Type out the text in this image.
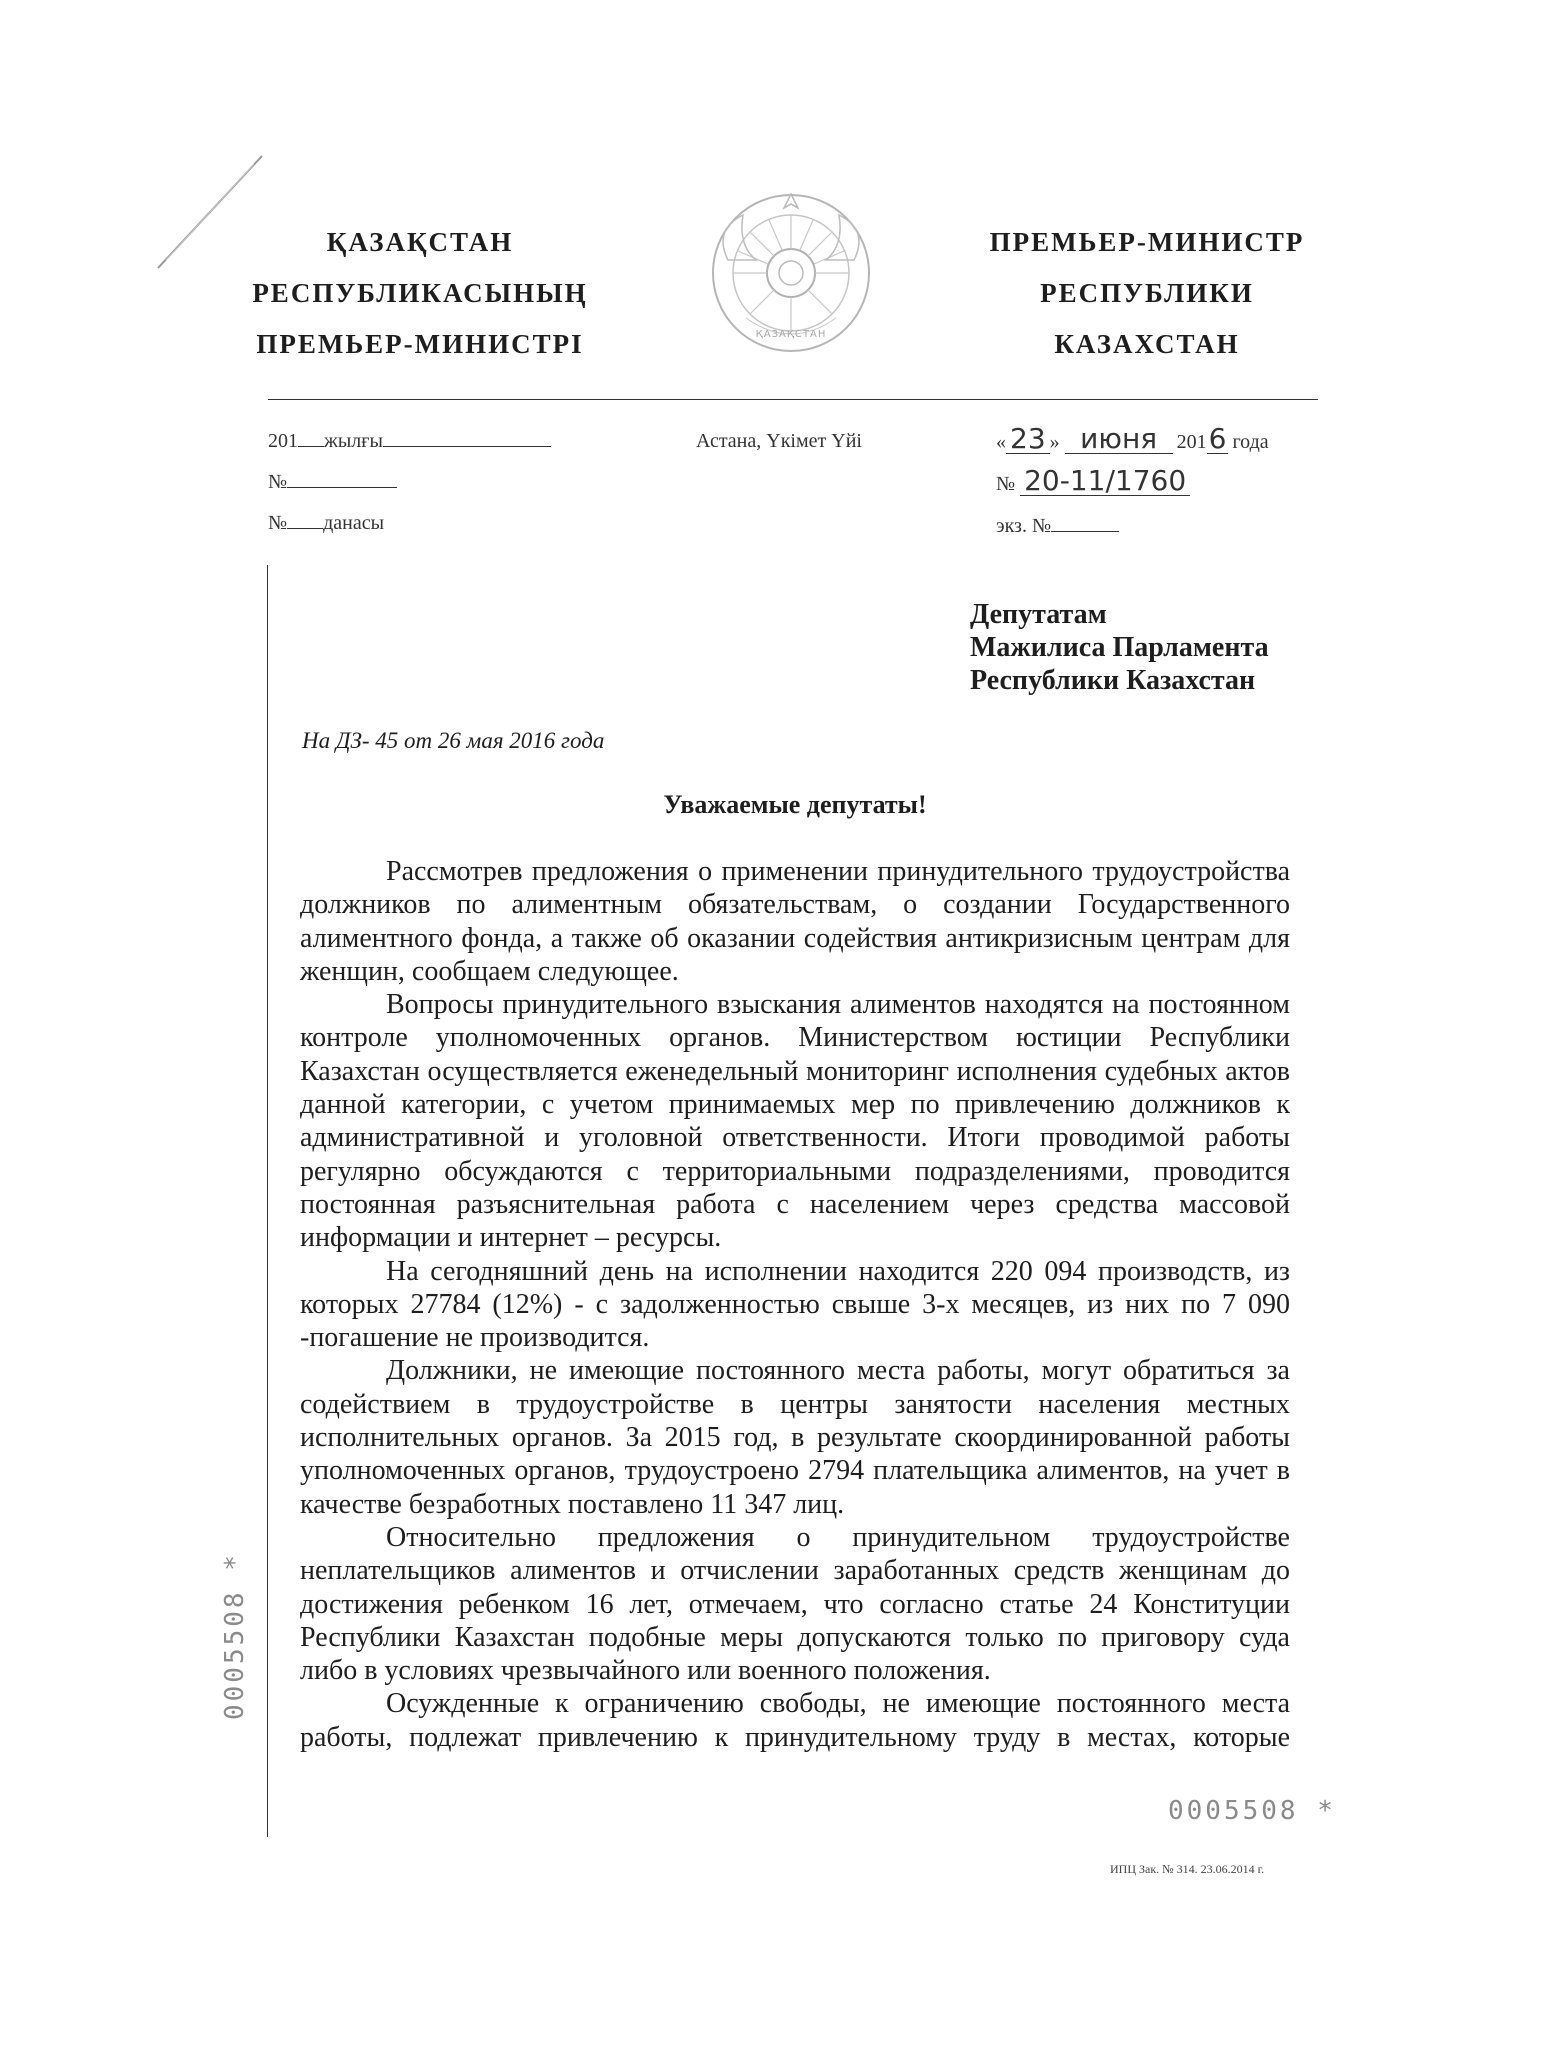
ҚАЗАҚСТАН
РЕСПУБЛИКАСЫНЫҢ
ПРЕМЬЕР-МИНИСТРІ	ҚАЗАҚСТАН
ПРЕМЬЕР-МИНИСТР
РЕСПУБЛИКИ
КАЗАХСТАН
201 жылғы
№
№ данасы
Астана, Үкімет Үйі	« 23 » июня 2016 года
№ 20-11/1760
экз. №
Депутатам
Мажилиса Парламента
Республики Казахстан
На ДЗ- 45 от 26 мая 2016 года
Уважаемые депутаты!

Рассмотрев предложения о применении принудительного трудоустройства должников по алиментным обязательствам, о создании Государственного алиментного фонда, а также об оказании содействия антикризисным центрам для женщин, сообщаем следующее.

Вопросы принудительного взыскания алиментов находятся на постоянном контроле уполномоченных органов. Министерством юстиции Республики Казахстан осуществляется еженедельный мониторинг исполнения судебных актов данной категории, с учетом принимаемых мер по привлечению должников к административной и уголовной ответственности. Итоги проводимой работы регулярно обсуждаются с территориальными подразделениями, проводится постоянная разъяснительная работа с населением через средства массовой информации и интернет – ресурсы.

На сегодняшний день на исполнении находится 220 094 производств, из которых 27784 (12%) - с задолженностью свыше 3-х месяцев, из них по 7 090 -погашение не производится.

Должники, не имеющие постоянного места работы, могут обратиться за содействием в трудоустройстве в центры занятости населения местных исполнительных органов. За 2015 год, в результате скоординированной работы уполномоченных органов, трудоустроено 2794 плательщика алиментов, на учет в качестве безработных поставлено 11 347 лиц.

Относительно предложения о принудительном трудоустройстве неплательщиков алиментов и отчислении заработанных средств женщинам до достижения ребенком 16 лет, отмечаем, что согласно статье 24 Конституции Республики Казахстан подобные меры допускаются только по приговору суда либо в условиях чрезвычайного или военного положения.

Осужденные к ограничению свободы, не имеющие постоянного места работы, подлежат привлечению к принудительному труду в местах, которые

0005508 *
0005508 *
ИПЦ Зак. № 314. 23.06.2014 г.
